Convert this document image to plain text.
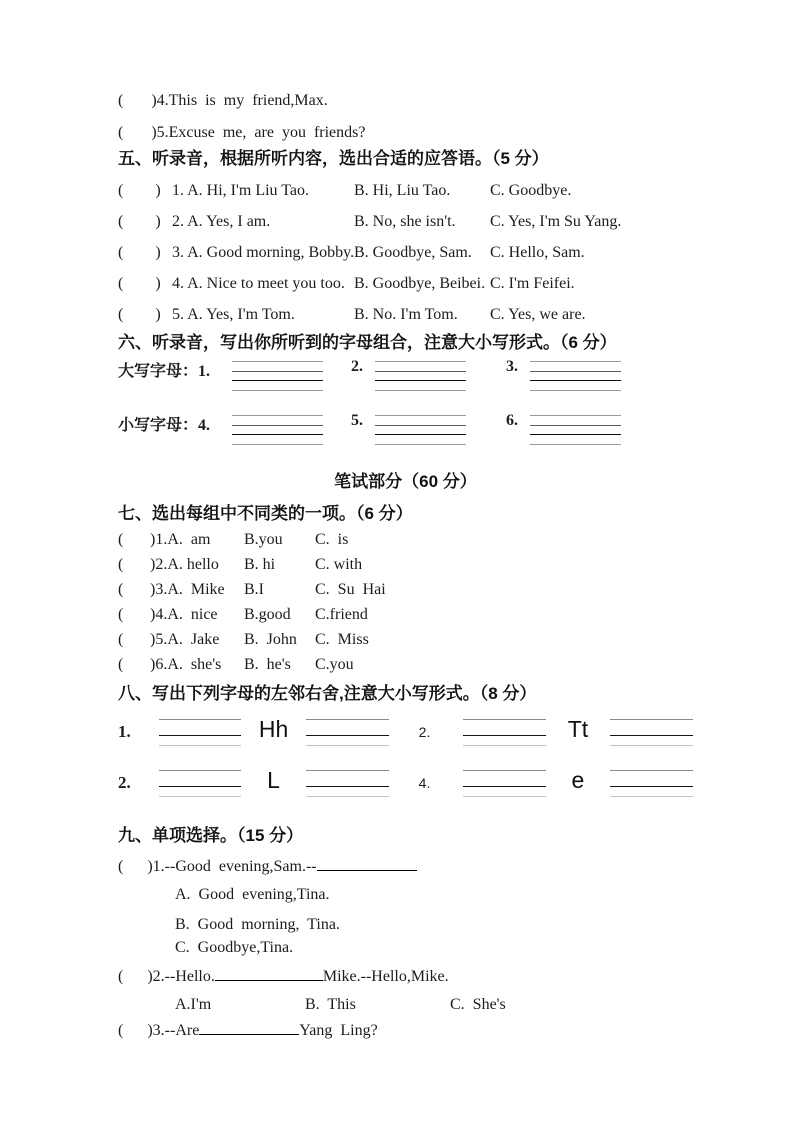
(       )4.This  is  my  friend,Max.
(       )5.Excuse  me,  are  you  friends?
五、听录音，根据所听内容，选出合适的应答语。（5 分）
(        ) 1. A. Hi, I'm Liu Tao.	B. Hi, Liu Tao.	C. Goodbye.
(        ) 2. A. Yes, I am.	B. No, she isn't.	C. Yes, I'm Su Yang.
(        ) 3. A. Good morning, Bobby. B. Goodbye, Sam.	C. Hello, Sam.
(        ) 4. A. Nice to meet you too. B. Goodbye, Beibei. C. I'm Feifei.
(        ) 5. A. Yes, I'm Tom.	B. No. I'm Tom.	C. Yes, we are.
六、听录音，写出你所听到的字母组合，注意大小写形式。（6 分）
大写字母：1.	2.	3.
小写字母：4.	5.	6.
笔试部分（60 分）
七、选出每组中不同类的一项。（6 分）
(	)1.A.  am	B.you	C.  is
(	)2.A. hello	B. hi	C. with
(	)3.A.  Mike	B.I	C.  Su  Hai
(	)4.A.  nice	B.good	C.friend
(	)5.A.  Jake	B.  John	C.  Miss
(	)6.A.  she's	B.  he's	C.you
八、写出下列字母的左邻右舍,注意大小写形式。（8 分）
1.	Hh	2.	Tt
2.	L	4.	e
九、单项选择。（15 分）
(      )1.--Good  evening,Sam.--
A.  Good  evening,Tina.
B.  Good  morning,  Tina.
C.  Goodbye,Tina.
(      )2.--Hello.	Mike.--Hello,Mike.
A.I'm	B.  This	C.  She's
(      )3.--Are	Yang  Ling?
